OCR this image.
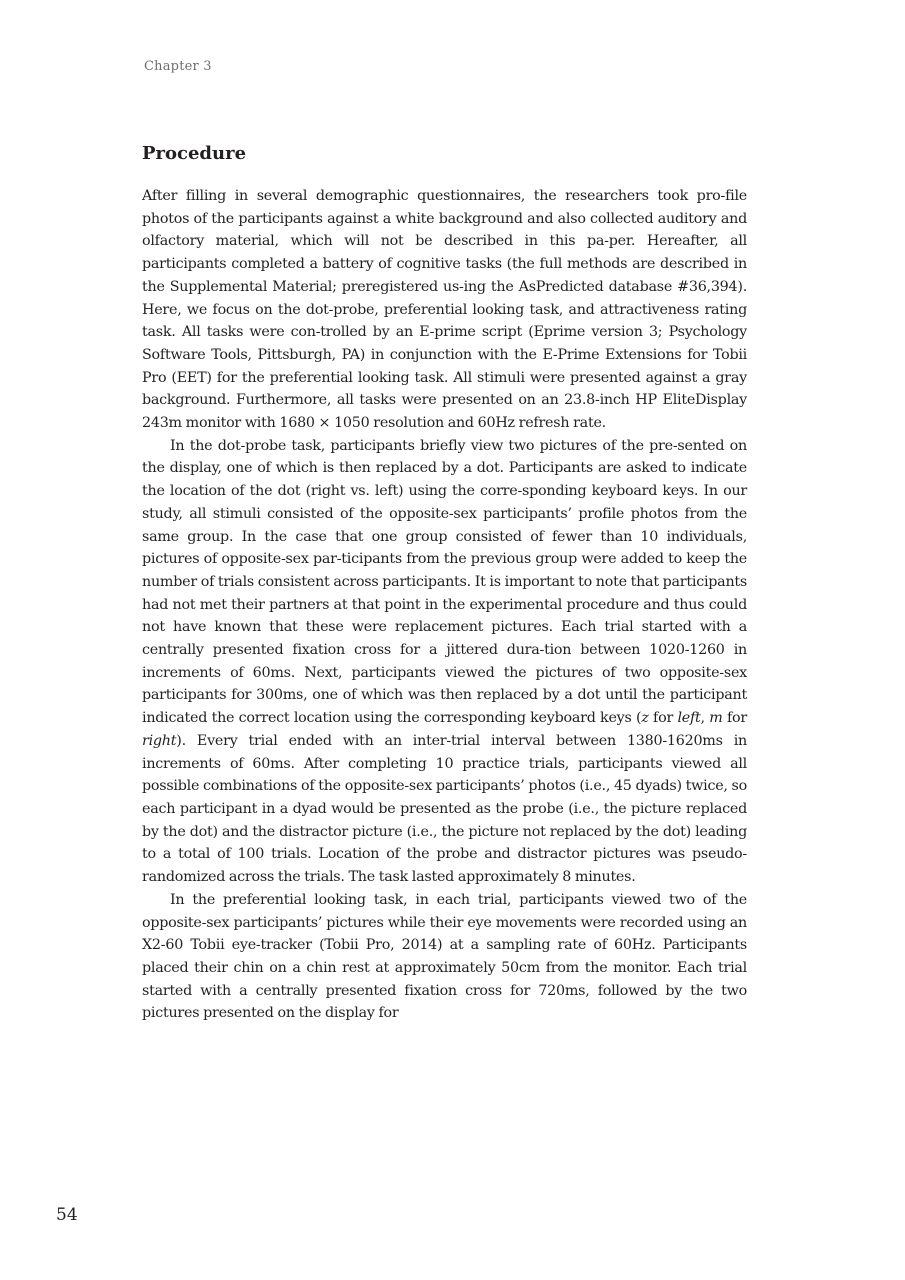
Chapter 3
Procedure

After filling in several demographic questionnaires, the researchers took pro-file photos of the participants against a white background and also collected auditory and olfactory material, which will not be described in this pa-per. Hereafter, all participants completed a battery of cognitive tasks (the full methods are described in the Supplemental Material; preregistered us-ing the AsPredicted database #36,394). Here, we focus on the dot-probe, preferential looking task, and attractiveness rating task. All tasks were con-trolled by an E-prime script (Eprime version 3; Psychology Software Tools, Pittsburgh, PA) in conjunction with the E-Prime Extensions for Tobii Pro (EET) for the preferential looking task. All stimuli were presented against a gray background. Furthermore, all tasks were presented on an 23.8-inch HP EliteDisplay 243m monitor with 1680 × 1050 resolution and 60Hz refresh rate.

In the dot-probe task, participants briefly view two pictures of the pre-sented on the display, one of which is then replaced by a dot. Participants are asked to indicate the location of the dot (right vs. left) using the corre-sponding keyboard keys. In our study, all stimuli consisted of the opposite-sex participants’ profile photos from the same group. In the case that one group consisted of fewer than 10 individuals, pictures of opposite-sex par-ticipants from the previous group were added to keep the number of trials consistent across participants. It is important to note that participants had not met their partners at that point in the experimental procedure and thus could not have known that these were replacement pictures. Each trial started with a centrally presented fixation cross for a jittered dura-tion between 1020-1260 in increments of 60ms. Next, participants viewed the pictures of two opposite-sex participants for 300ms, one of which was then replaced by a dot until the participant indicated the correct location using the corresponding keyboard keys (z for left, m for right). Every trial ended with an inter-trial interval between 1380-1620ms in increments of 60ms. After completing 10 practice trials, participants viewed all possible combinations of the opposite-sex participants’ photos (i.e., 45 dyads) twice, so each participant in a dyad would be presented as the probe (i.e., the picture replaced by the dot) and the distractor picture (i.e., the picture not replaced by the dot) leading to a total of 100 trials. Location of the probe and distractor pictures was pseudo-randomized across the trials. The task lasted approximately 8 minutes.

In the preferential looking task, in each trial, participants viewed two of the opposite-sex participants’ pictures while their eye movements were recorded using an X2-60 Tobii eye-tracker (Tobii Pro, 2014) at a sampling rate of 60Hz. Participants placed their chin on a chin rest at approximately 50cm from the monitor. Each trial started with a centrally presented fixation cross for 720ms, followed by the two pictures presented on the display for

54
